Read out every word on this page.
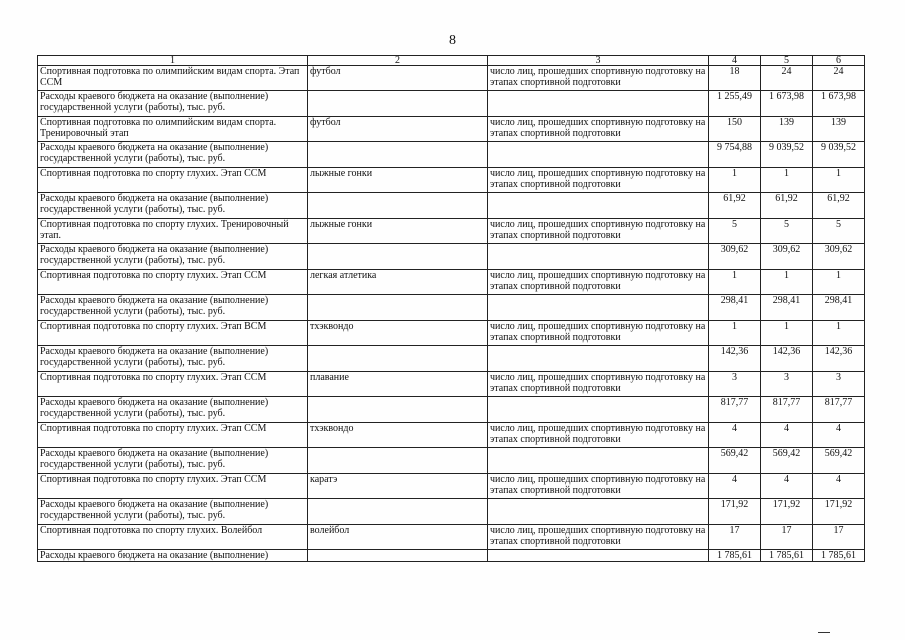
8
1	2	3	4	5	6
Спортивная подготовка по олимпийским видам спорта. Этап ССМ	футбол	число лиц, прошедших спортивную подготовку на этапах спортивной подготовки	18	24	24
Расходы краевого бюджета на оказание (выполнение) государственной услуги (работы), тыс. руб.			1 255,49	1 673,98	1 673,98
Спортивная подготовка по олимпийским видам спорта. Тренировочный этап	футбол	число лиц, прошедших спортивную подготовку на этапах спортивной подготовки	150	139	139
Расходы краевого бюджета на оказание (выполнение) государственной услуги (работы), тыс. руб.			9 754,88	9 039,52	9 039,52
Спортивная подготовка по спорту глухих. Этап ССМ	лыжные гонки	число лиц, прошедших спортивную подготовку на этапах спортивной подготовки	1	1	1
Расходы краевого бюджета на оказание (выполнение) государственной услуги (работы), тыс. руб.			61,92	61,92	61,92
Спортивная подготовка по спорту глухих. Тренировочный этап.	лыжные гонки	число лиц, прошедших спортивную подготовку на этапах спортивной подготовки	5	5	5
Расходы краевого бюджета на оказание (выполнение) государственной услуги (работы), тыс. руб.			309,62	309,62	309,62
Спортивная подготовка по спорту глухих. Этап ССМ	легкая атлетика	число лиц, прошедших спортивную подготовку на этапах спортивной подготовки	1	1	1
Расходы краевого бюджета на оказание (выполнение) государственной услуги (работы), тыс. руб.			298,41	298,41	298,41
Спортивная подготовка по спорту глухих. Этап ВСМ	тхэквондо	число лиц, прошедших спортивную подготовку на этапах спортивной подготовки	1	1	1
Расходы краевого бюджета на оказание (выполнение) государственной услуги (работы), тыс. руб.			142,36	142,36	142,36
Спортивная подготовка по спорту глухих. Этап ССМ	плавание	число лиц, прошедших спортивную подготовку на этапах спортивной подготовки	3	3	3
Расходы краевого бюджета на оказание (выполнение) государственной услуги (работы), тыс. руб.			817,77	817,77	817,77
Спортивная подготовка по спорту глухих. Этап ССМ	тхэквондо	число лиц, прошедших спортивную подготовку на этапах спортивной подготовки	4	4	4
Расходы краевого бюджета на оказание (выполнение) государственной услуги (работы), тыс. руб.			569,42	569,42	569,42
Спортивная подготовка по спорту глухих. Этап ССМ	каратэ	число лиц, прошедших спортивную подготовку на этапах спортивной подготовки	4	4	4
Расходы краевого бюджета на оказание (выполнение) государственной услуги (работы), тыс. руб.			171,92	171,92	171,92
Спортивная подготовка по спорту глухих. Волейбол	волейбол	число лиц, прошедших спортивную подготовку на этапах спортивной подготовки	17	17	17
Расходы краевого бюджета на оказание (выполнение)			1 785,61	1 785,61	1 785,61
